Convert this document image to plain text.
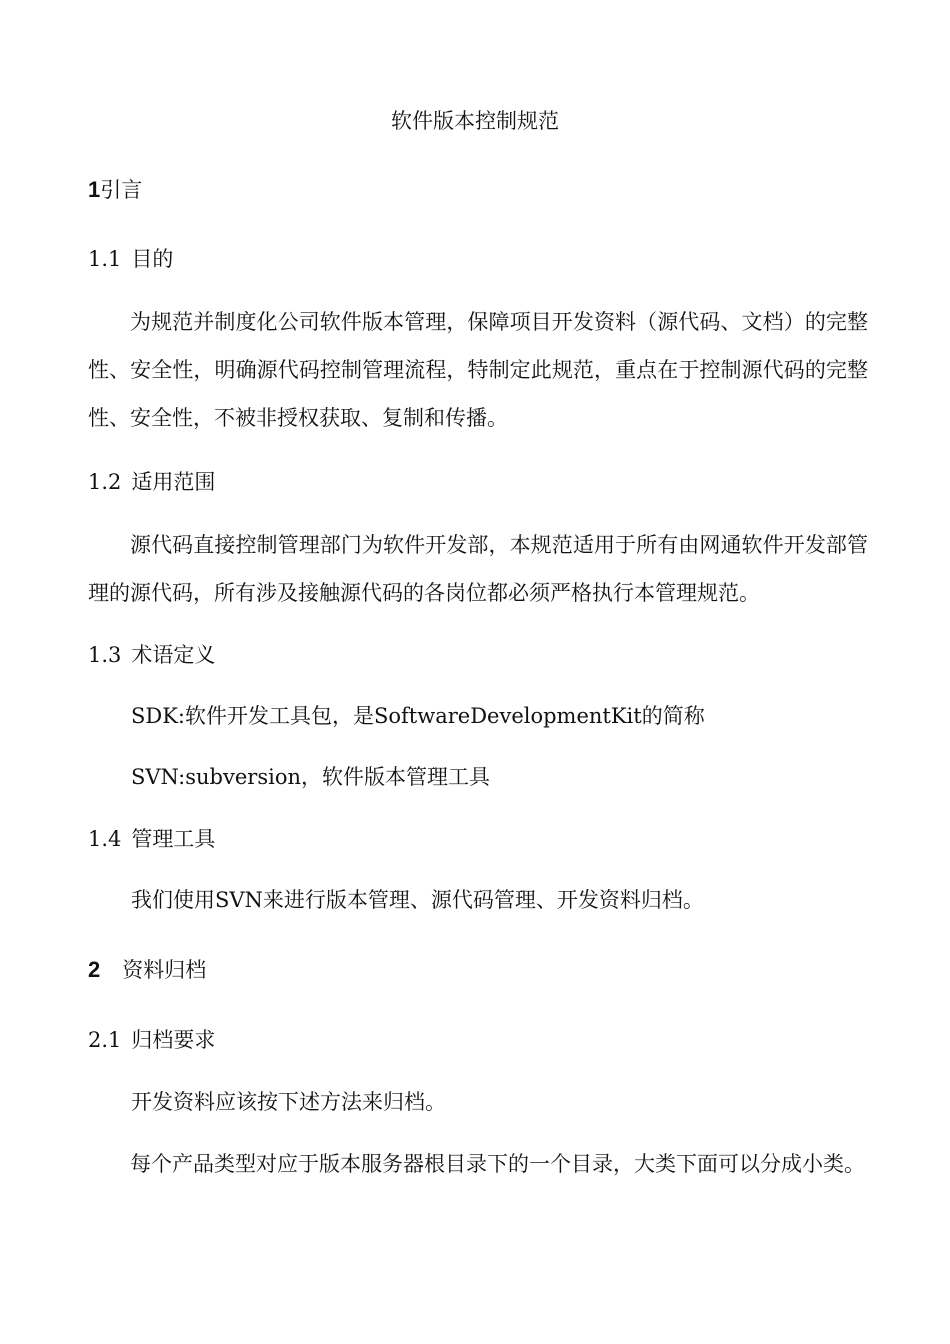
软件版本控制规范
1引言
1.1 目的
为规范并制度化公司软件版本管理，保障项目开发资料（源代码、文档）的完整性、安全性，明确源代码控制管理流程，特制定此规范，重点在于控制源代码的完整性、安全性，不被非授权获取、复制和传播。
1.2 适用范围
源代码直接控制管理部门为软件开发部，本规范适用于所有由网通软件开发部管理的源代码，所有涉及接触源代码的各岗位都必须严格执行本管理规范。
1.3 术语定义
SDK:软件开发工具包，是SoftwareDevelopmentKit的简称
SVN:subversion，软件版本管理工具
1.4 管理工具
我们使用SVN来进行版本管理、源代码管理、开发资料归档。
2 资料归档
2.1 归档要求
开发资料应该按下述方法来归档。
每个产品类型对应于版本服务器根目录下的一个目录，大类下面可以分成小类。
